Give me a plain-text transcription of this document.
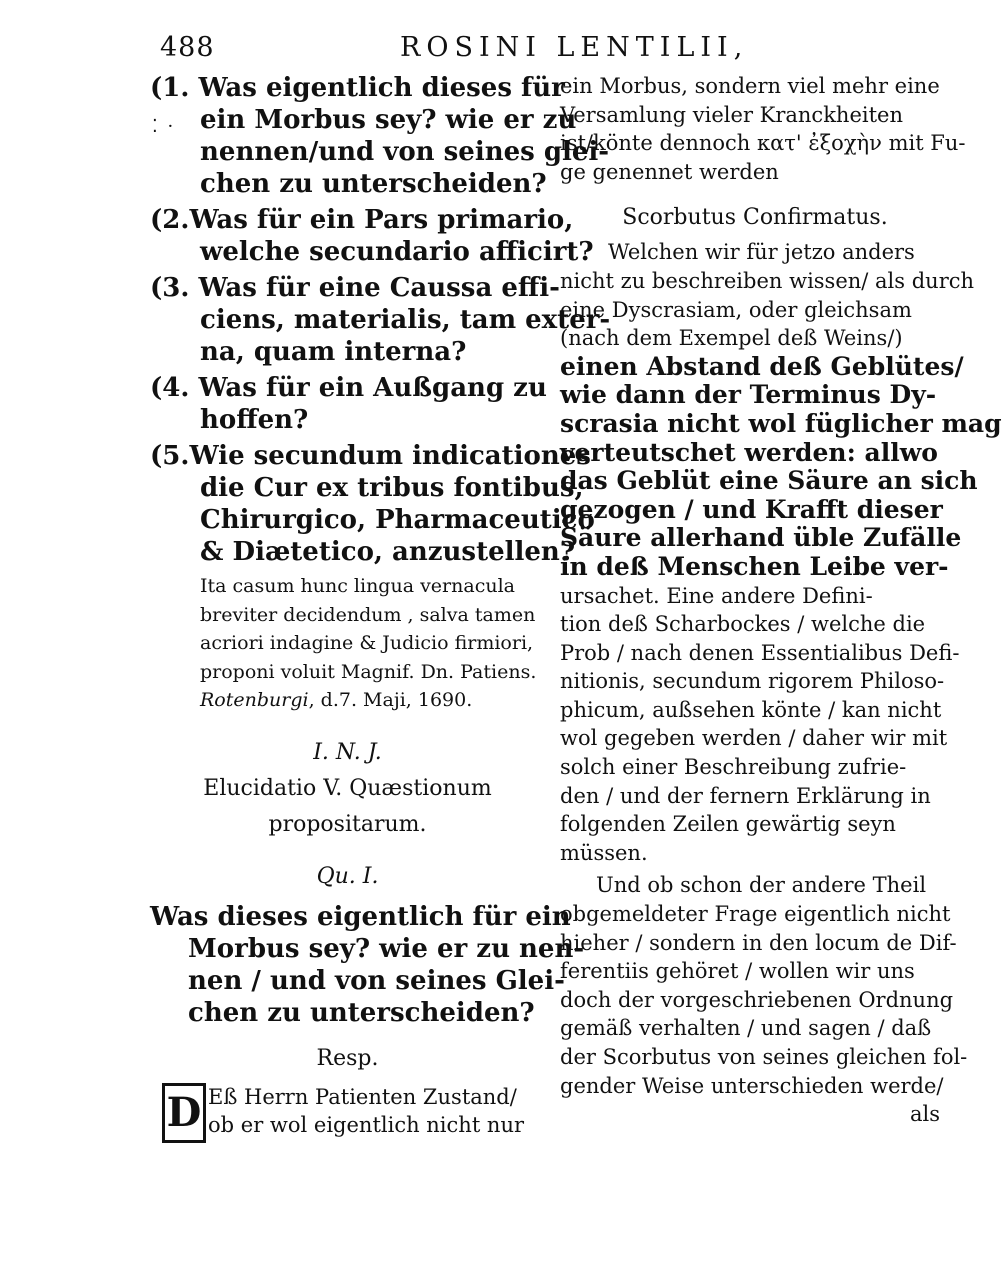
488	ROSINI LENTILII,
⁚ ·
(1. Was eigentlich dieses für
ein Morbus sey? wie er zu
nennen/und von seines glei-
chen zu unterscheiden?
(2.Was für ein Pars primario,
welche secundario afficirt?
(3. Was für eine Caussa effi-
ciens, materialis, tam exter-
na, quam interna?
(4. Was für ein Außgang zu
hoffen?
(5.Wie secundum indicationes
die Cur ex tribus fontibus,
Chirurgico, Pharmaceutico
& Diætetico, anzustellen?
Ita casum hunc lingua vernacula
breviter decidendum , salva tamen
acriori indagine & Judicio firmiori,
proponi voluit Magnif. Dn. Patiens.
Rotenburgi, d.7. Maji, 1690.
I. N. J.
Elucidatio V. Quæstionum
propositarum.
Qu. I.
Was dieses eigentlich für ein
Morbus sey? wie er zu nen-
nen / und von seines Glei-
chen zu unterscheiden?
Resp.
D Eß Herrn Patienten Zustand/
ob er wol eigentlich nicht nur
ein Morbus, sondern viel mehr eine
Versamlung vieler Kranckheiten
ist/könte dennoch κατ' ἐξοχὴν mit Fu-
ge genennet werden
Scorbutus Confirmatus.
Welchen wir für jetzo anders
nicht zu beschreiben wissen/ als durch
eine Dyscrasiam, oder gleichsam
(nach dem Exempel deß Weins/)
einen Abstand deß Geblütes/
wie dann der Terminus Dy-
scrasia nicht wol füglicher mag
verteutschet werden: allwo
das Geblüt eine Säure an sich
gezogen / und Krafft dieser
Säure allerhand üble Zufälle
in deß Menschen Leibe ver-
ursachet. Eine andere Defini-
tion deß Scharbockes / welche die
Prob / nach denen Essentialibus Defi-
nitionis, secundum rigorem Philoso-
phicum, außsehen könte / kan nicht
wol gegeben werden / daher wir mit
solch einer Beschreibung zufrie-
den / und der fernern Erklärung in
folgenden Zeilen gewärtig seyn
müssen.
Und ob schon der andere Theil
obgemeldeter Frage eigentlich nicht
hieher / sondern in den locum de Dif-
ferentiis gehöret / wollen wir uns
doch der vorgeschriebenen Ordnung
gemäß verhalten / und sagen / daß
der Scorbutus von seines gleichen fol-
gender Weise unterschieden werde/
als
